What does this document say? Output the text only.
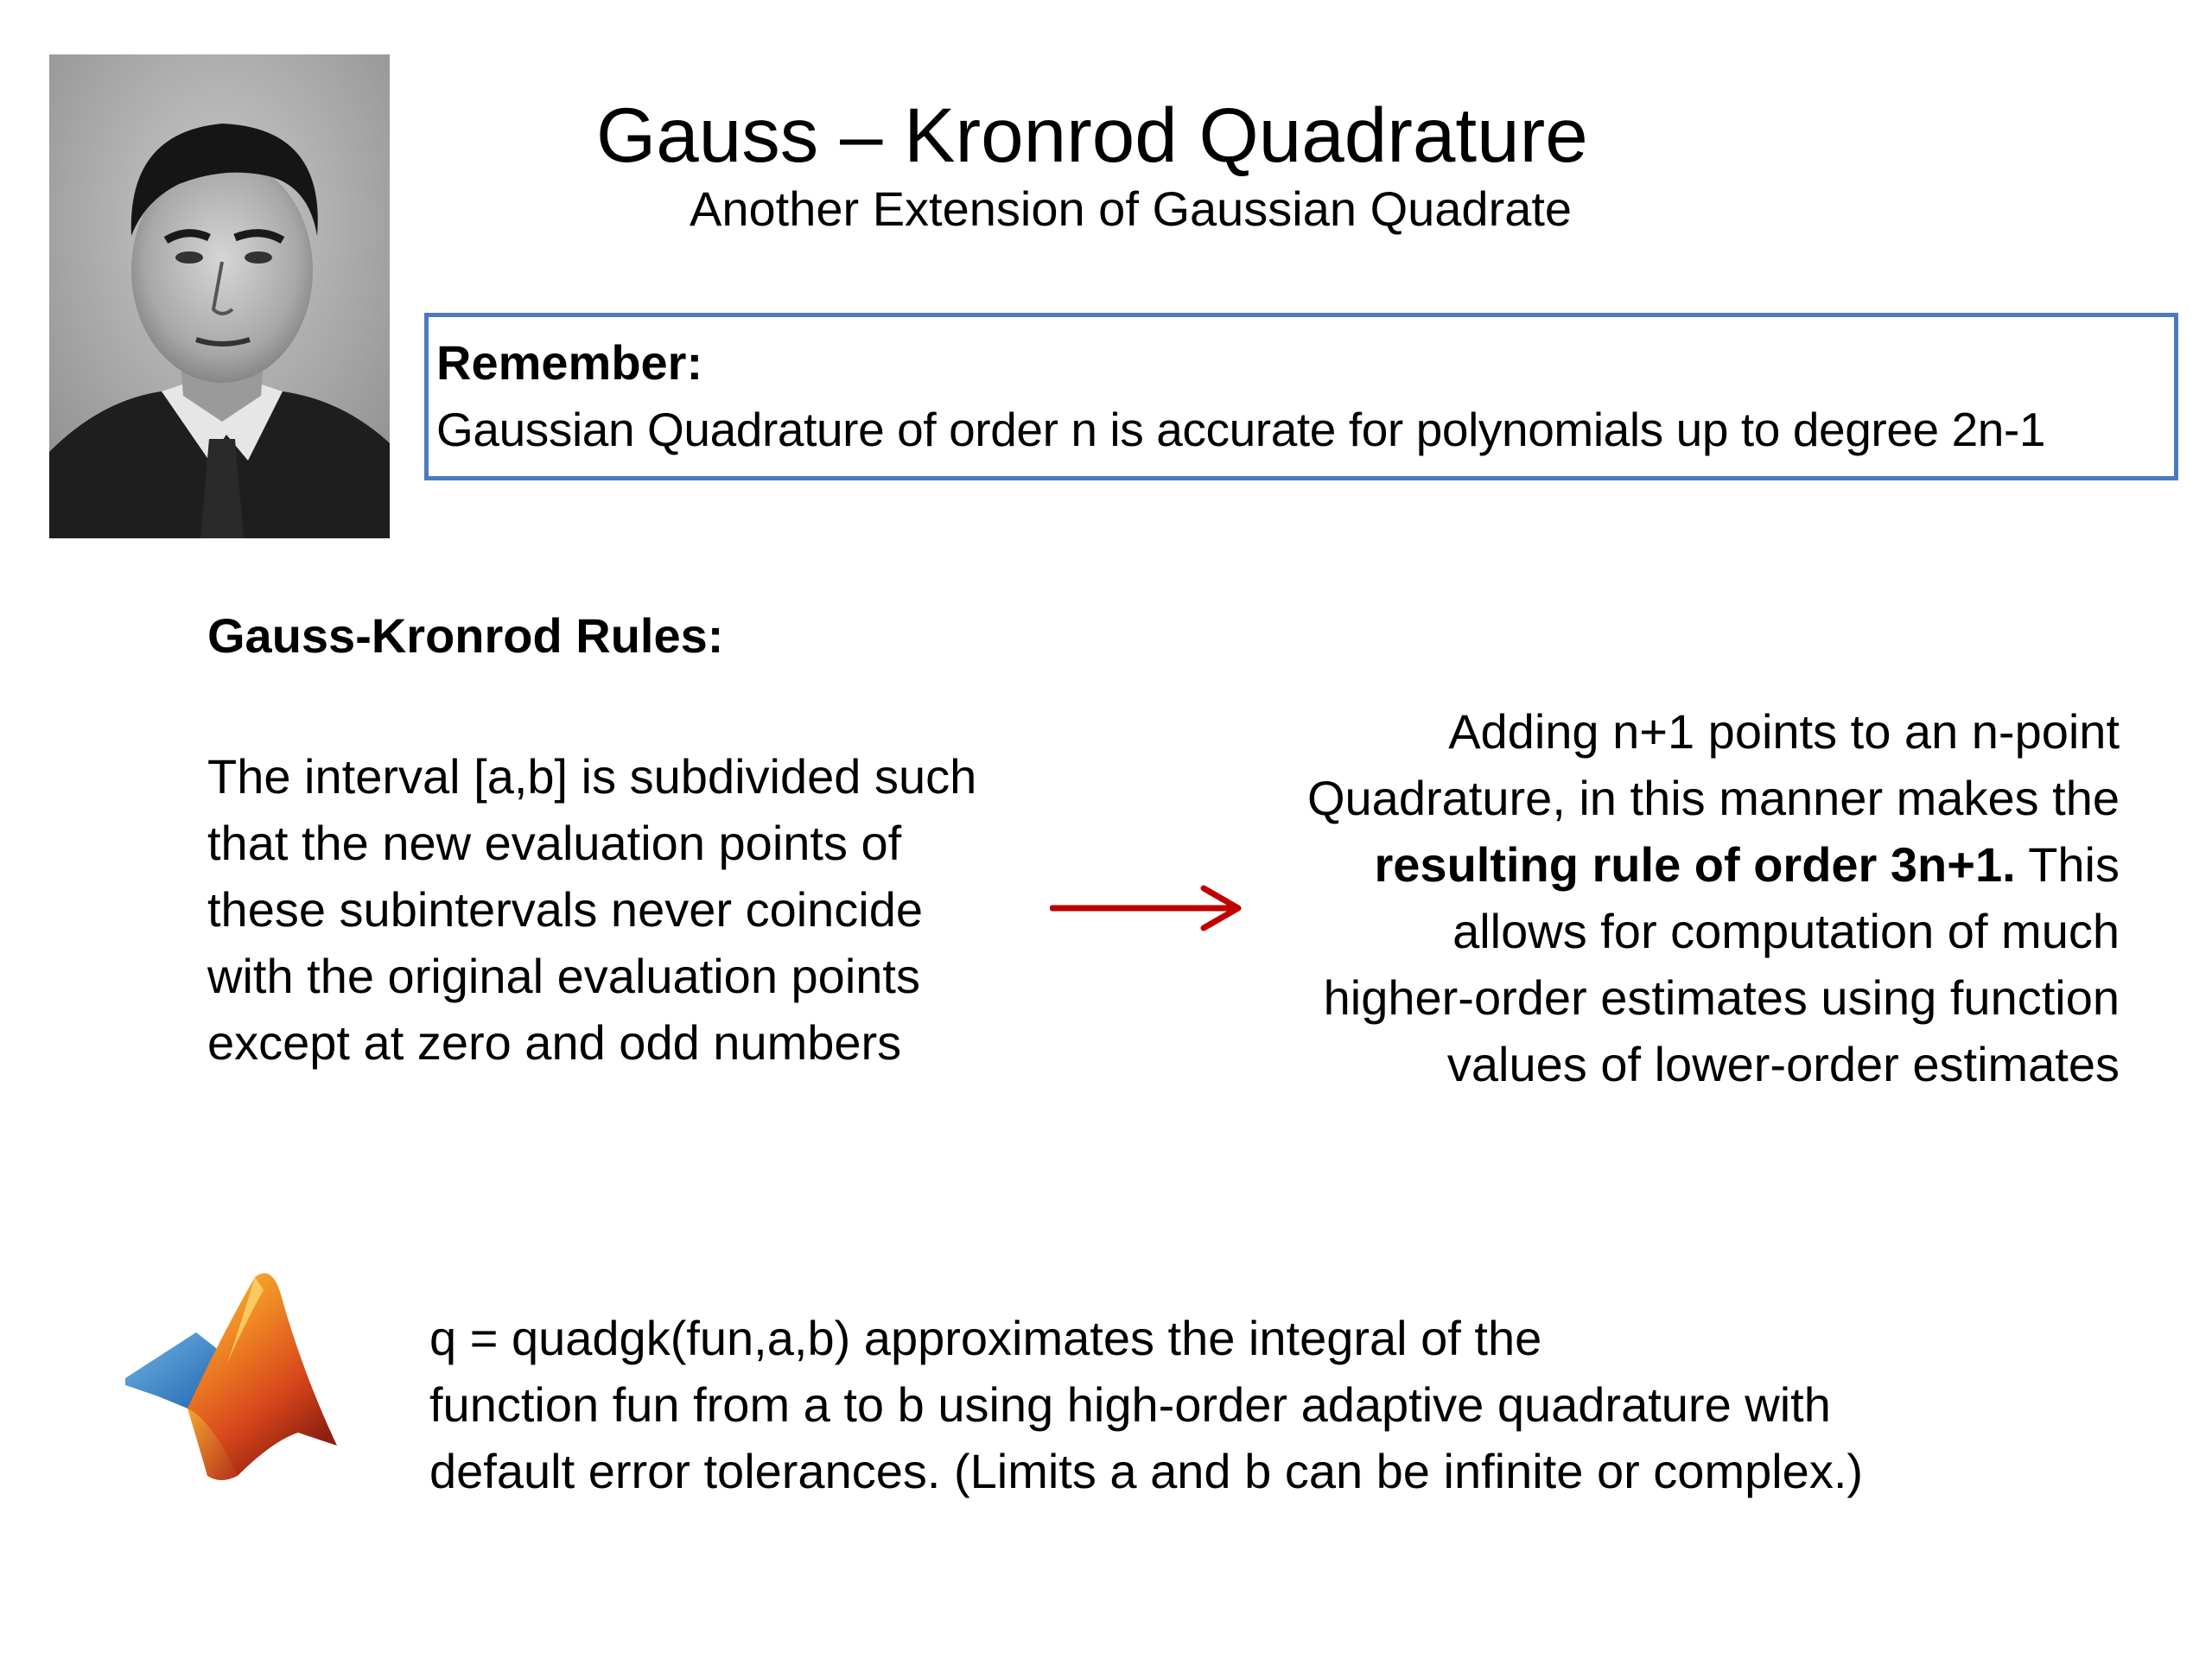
Gauss – Kronrod Quadrature
Another Extension of Gaussian Quadrate
Remember:
Gaussian Quadrature of order n is accurate for polynomials up to degree 2n-1
Gauss-Kronrod Rules:
The interval [a,b] is subdivided such
that the new evaluation points of
these subintervals never coincide
with the original evaluation points
except at zero and odd numbers
Adding n+1 points to an n-point
Quadrature, in this manner makes the
resulting rule of order 3n+1. This
allows for computation of much
higher-order estimates using function
values of lower-order estimates
q = quadgk(fun,a,b) approximates the integral of the
function fun from a to b using high-order adaptive quadrature with
default error tolerances. (Limits a and b can be infinite or complex.)
